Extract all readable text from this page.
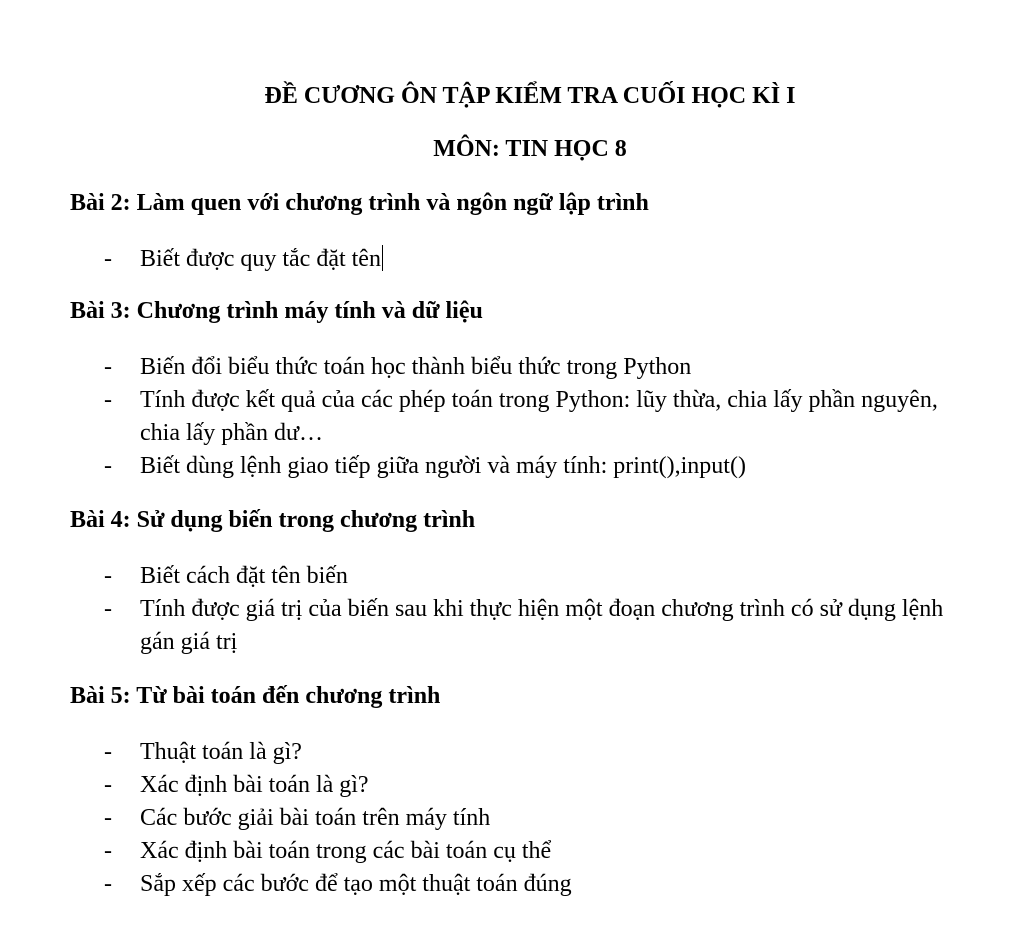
ĐỀ CƯƠNG ÔN TẬP KIỂM TRA CUỐI HỌC KÌ I
MÔN: TIN HỌC 8
Bài 2: Làm quen với chương trình và ngôn ngữ lập trình
- Biết được quy tắc đặt tên
Bài 3: Chương trình máy tính và dữ liệu
- Biến đổi biểu thức toán học thành biểu thức trong Python
- Tính được kết quả của các phép toán trong Python: lũy thừa, chia lấy phần nguyên, chia lấy phần dư…
- Biết dùng lệnh giao tiếp giữa người và máy tính: print(),input()
Bài 4: Sử dụng biến trong chương trình
- Biết cách đặt tên biến
- Tính được giá trị của biến sau khi thực hiện một đoạn chương trình có sử dụng lệnh gán giá trị
Bài 5: Từ bài toán đến chương trình
- Thuật toán là gì?
- Xác định bài toán là gì?
- Các bước giải bài toán trên máy tính
- Xác định bài toán trong các bài toán cụ thể
- Sắp xếp các bước để tạo một thuật toán đúng
